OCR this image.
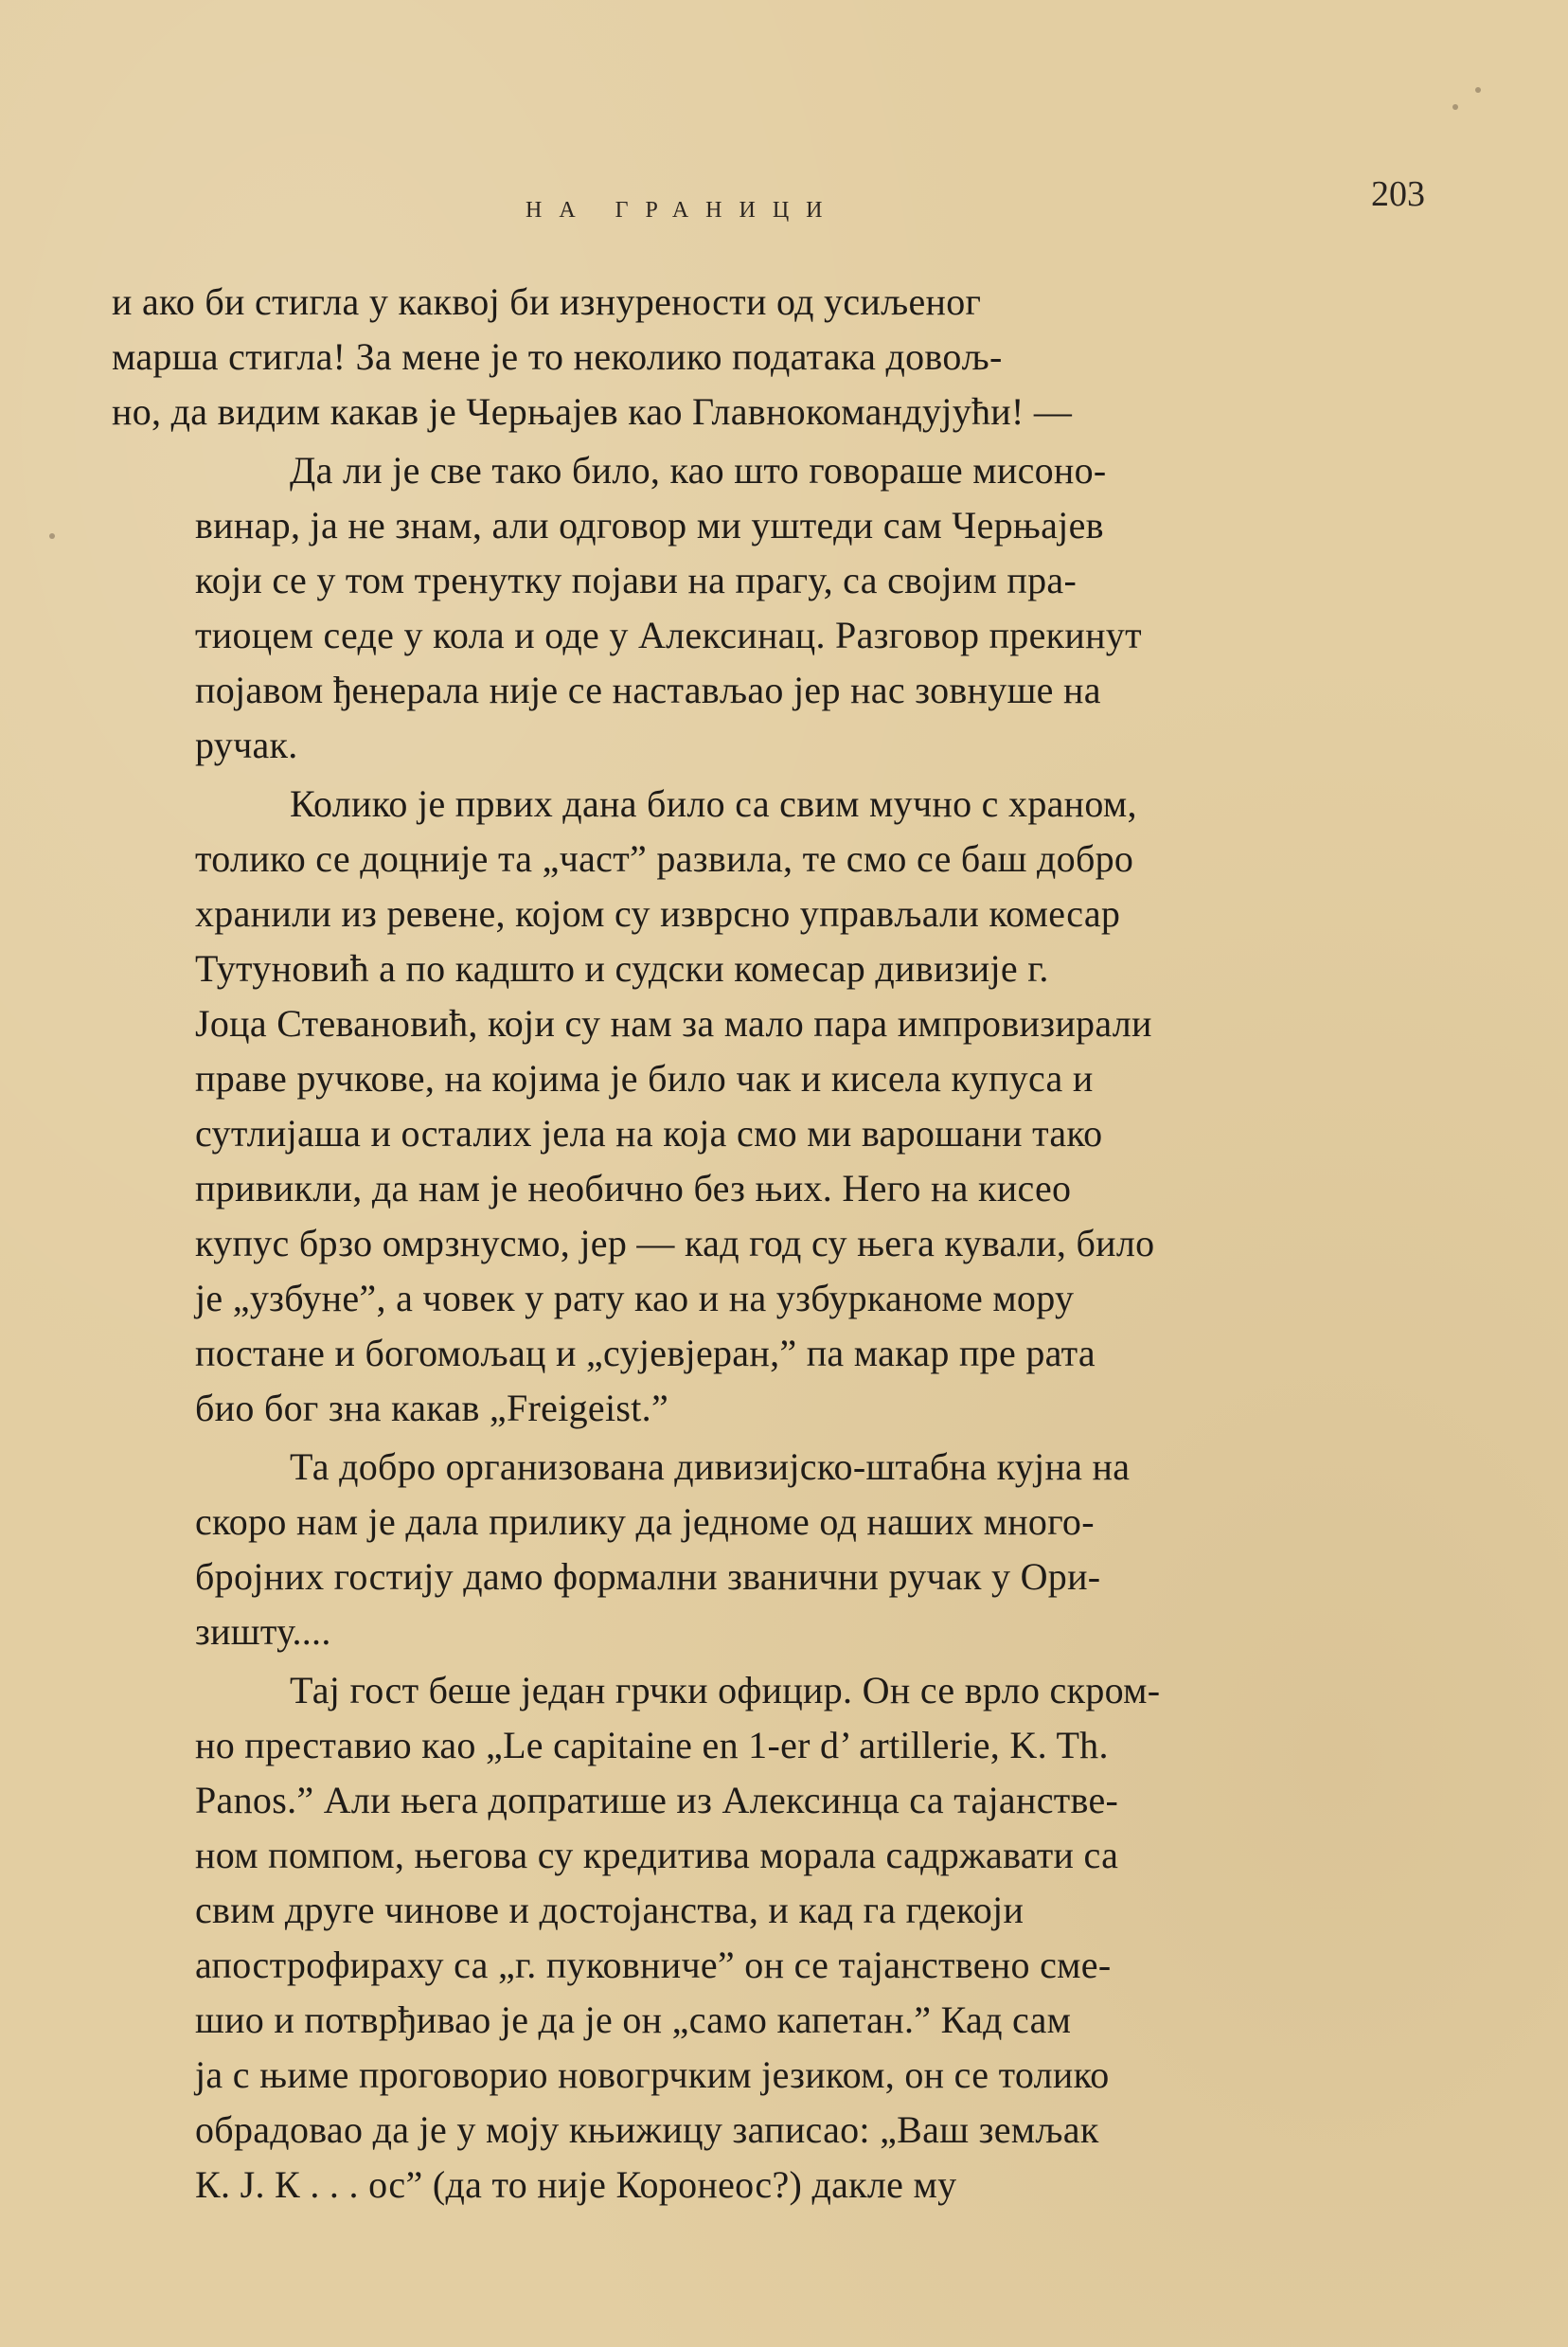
НА ГРАНИЦИ	203
и ако би стигла у каквој би изнурености од усиљеног
марша стигла! За мене је то неколико података довољ-
но, да видим какав је Черњајев као Главнокомандујући! —
Да ли је све тако било, као што говораше мисоно-
винар, ја не знам, али одговор ми уштеди сам Черњајев
који се у том тренутку појави на прагу, са својим пра-
тиоцем седе у кола и оде у Алексинац. Разговор прекинут
појавом ђенерала није се настављао јер нас зовнуше на
ручак.
Колико је првих дана било са свим мучно с храном,
толико се доцније та „част” развила, те смо се баш добро
хранили из ревене, којом су изврсно управљали комесар
Тутуновић а по кадшто и судски комесар дивизије г.
Јоца Стевановић, који су нам за мало пара импровизирали
праве ручкове, на којима је било чак и кисела купуса и
сутлијаша и осталих јела на која смо ми варошани тако
привикли, да нам је необично без њих. Него на кисео
купус брзо омрзнусмо, јер — кад год су њега кували, било
је „узбуне”, а човек у рату као и на узбурканоме мору
постане и богомољац и „сујевјеран,” па макар пре рата
био бог зна какав „Freigeist.”
Та добро организована дивизијско-штабна кујна на
скоро нам је дала прилику да једноме од наших много-
бројних гостију дамо формални званични ручак у Ори-
зишту....
Тај гост беше један грчки официр. Он се врло скром-
но преставио као „Le capitaine en 1-er d’ artillerie, K. Th.
Panos.” Али њега допратише из Алексинца са тајанстве-
ном помпом, његова су кредитива морала садржавати са
свим друге чинове и достојанства, и кад га гдекоји
апострофираху са „г. пуковниче” он се тајанствено сме-
шио и потврђивао је да је он „само капетан.” Кад сам
ја с њиме проговорио новогрчким језиком, он се толико
обрадовао да је у моју књижицу записао: „Ваш земљак
К. Ј. К . . . ос” (да то није Коронеос?) дакле му
